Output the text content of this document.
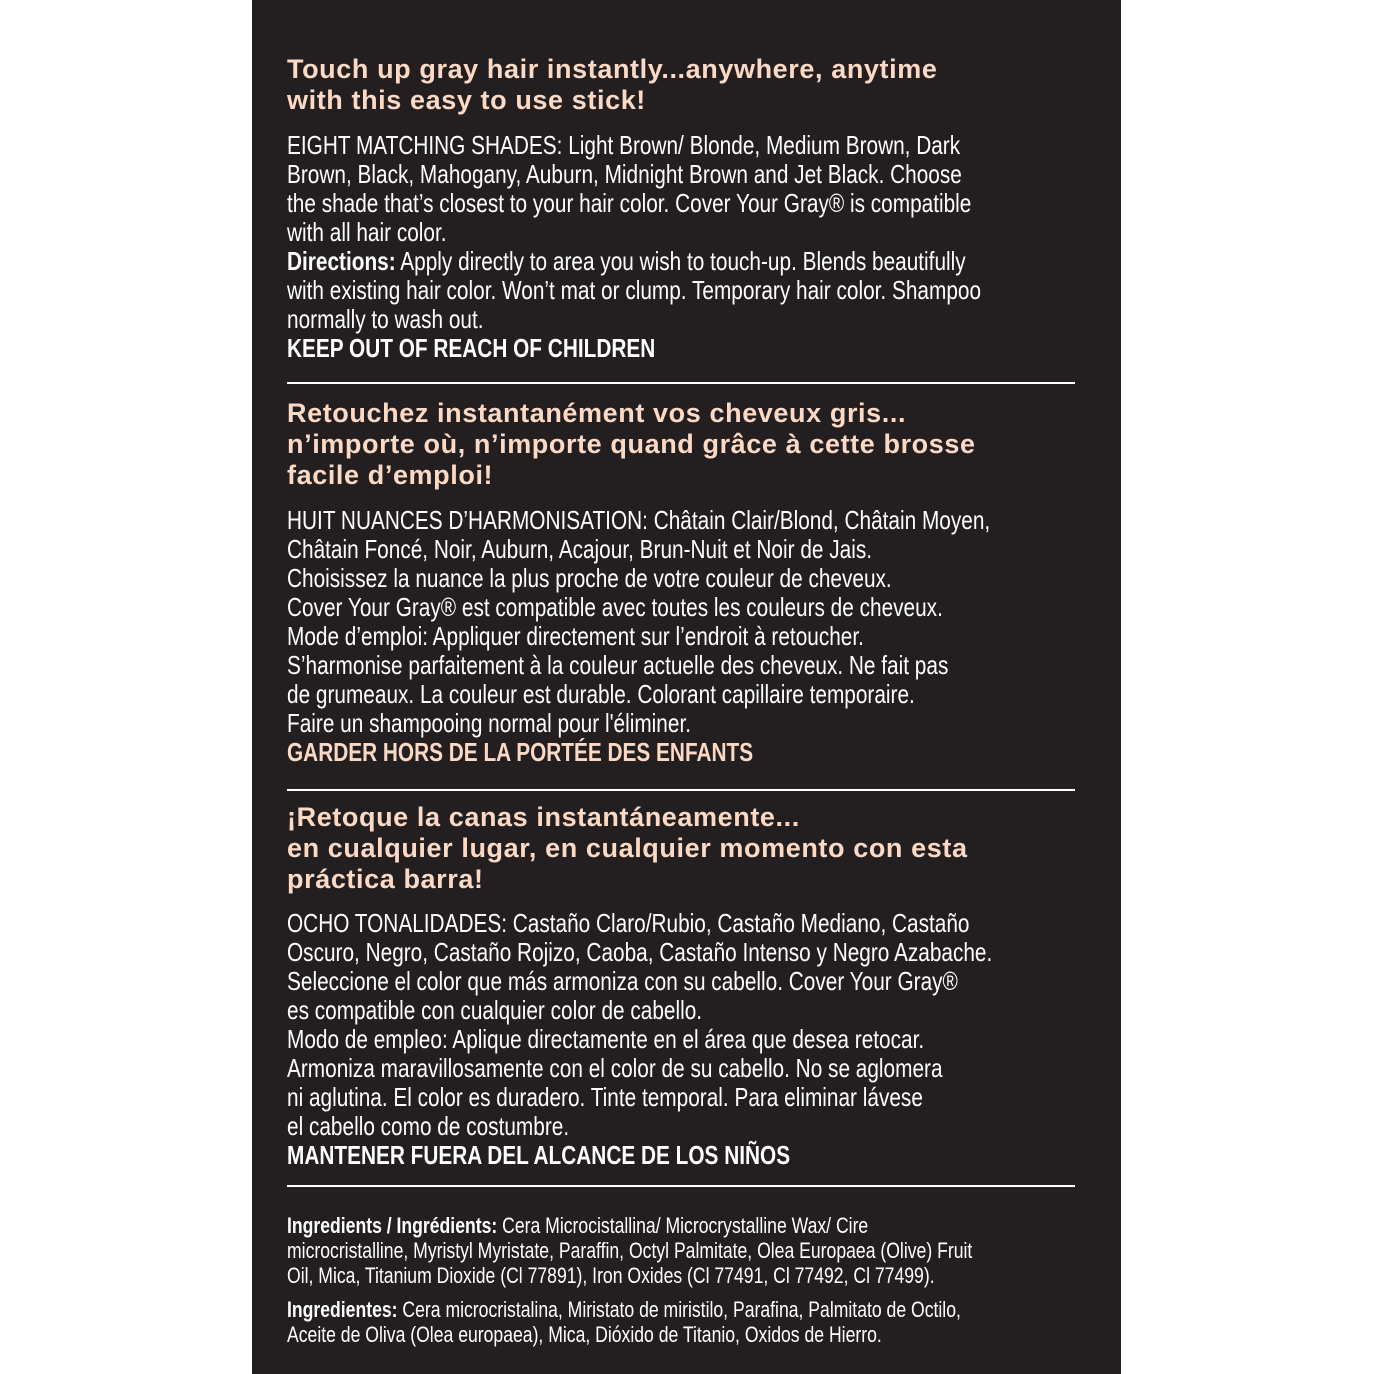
Touch up gray hair instantly...anywhere, anytime
with this easy to use stick!
EIGHT MATCHING SHADES: Light Brown/ Blonde, Medium Brown, Dark
Brown, Black, Mahogany, Auburn, Midnight Brown and Jet Black. Choose
the shade that’s closest to your hair color. Cover Your Gray® is compatible
with all hair color.
Directions: Apply directly to area you wish to touch-up. Blends beautifully
with existing hair color. Won’t mat or clump. Temporary hair color. Shampoo
normally to wash out.
KEEP OUT OF REACH OF CHILDREN
Retouchez instantanément vos cheveux gris...
n’importe où, n’importe quand grâce à cette brosse
facile d’emploi!
HUIT NUANCES D’HARMONISATION: Châtain Clair/Blond, Châtain Moyen,
Châtain Foncé, Noir, Auburn, Acajour, Brun-Nuit et Noir de Jais.
Choisissez la nuance la plus proche de votre couleur de cheveux.
Cover Your Gray® est compatible avec toutes les couleurs de cheveux.
Mode d’emploi: Appliquer directement sur l’endroit à retoucher.
S’harmonise parfaitement à la couleur actuelle des cheveux. Ne fait pas
de grumeaux. La couleur est durable. Colorant capillaire temporaire.
Faire un shampooing normal pour l'éliminer.
GARDER HORS DE LA PORTÉE DES ENFANTS
¡Retoque la canas instantáneamente...
en cualquier lugar, en cualquier momento con esta
práctica barra!
OCHO TONALIDADES: Castaño Claro/Rubio, Castaño Mediano, Castaño
Oscuro, Negro, Castaño Rojizo, Caoba, Castaño Intenso y Negro Azabache.
Seleccione el color que más armoniza con su cabello. Cover Your Gray®
es compatible con cualquier color de cabello.
Modo de empleo: Aplique directamente en el área que desea retocar.
Armoniza maravillosamente con el color de su cabello. No se aglomera
ni aglutina. El color es duradero. Tinte temporal. Para eliminar lávese
el cabello como de costumbre.
MANTENER FUERA DEL ALCANCE DE LOS NIÑOS
Ingredients / Ingrédients: Cera Microcistallina/ Microcrystalline Wax/ Cire
microcristalline, Myristyl Myristate, Paraffin, Octyl Palmitate, Olea Europaea (Olive) Fruit
Oil, Mica, Titanium Dioxide (Cl 77891), Iron Oxides (Cl 77491, Cl 77492, Cl 77499).
Ingredientes: Cera microcristalina, Miristato de miristilo, Parafina, Palmitato de Octilo,
Aceite de Oliva (Olea europaea), Mica, Dióxido de Titanio, Oxidos de Hierro.
